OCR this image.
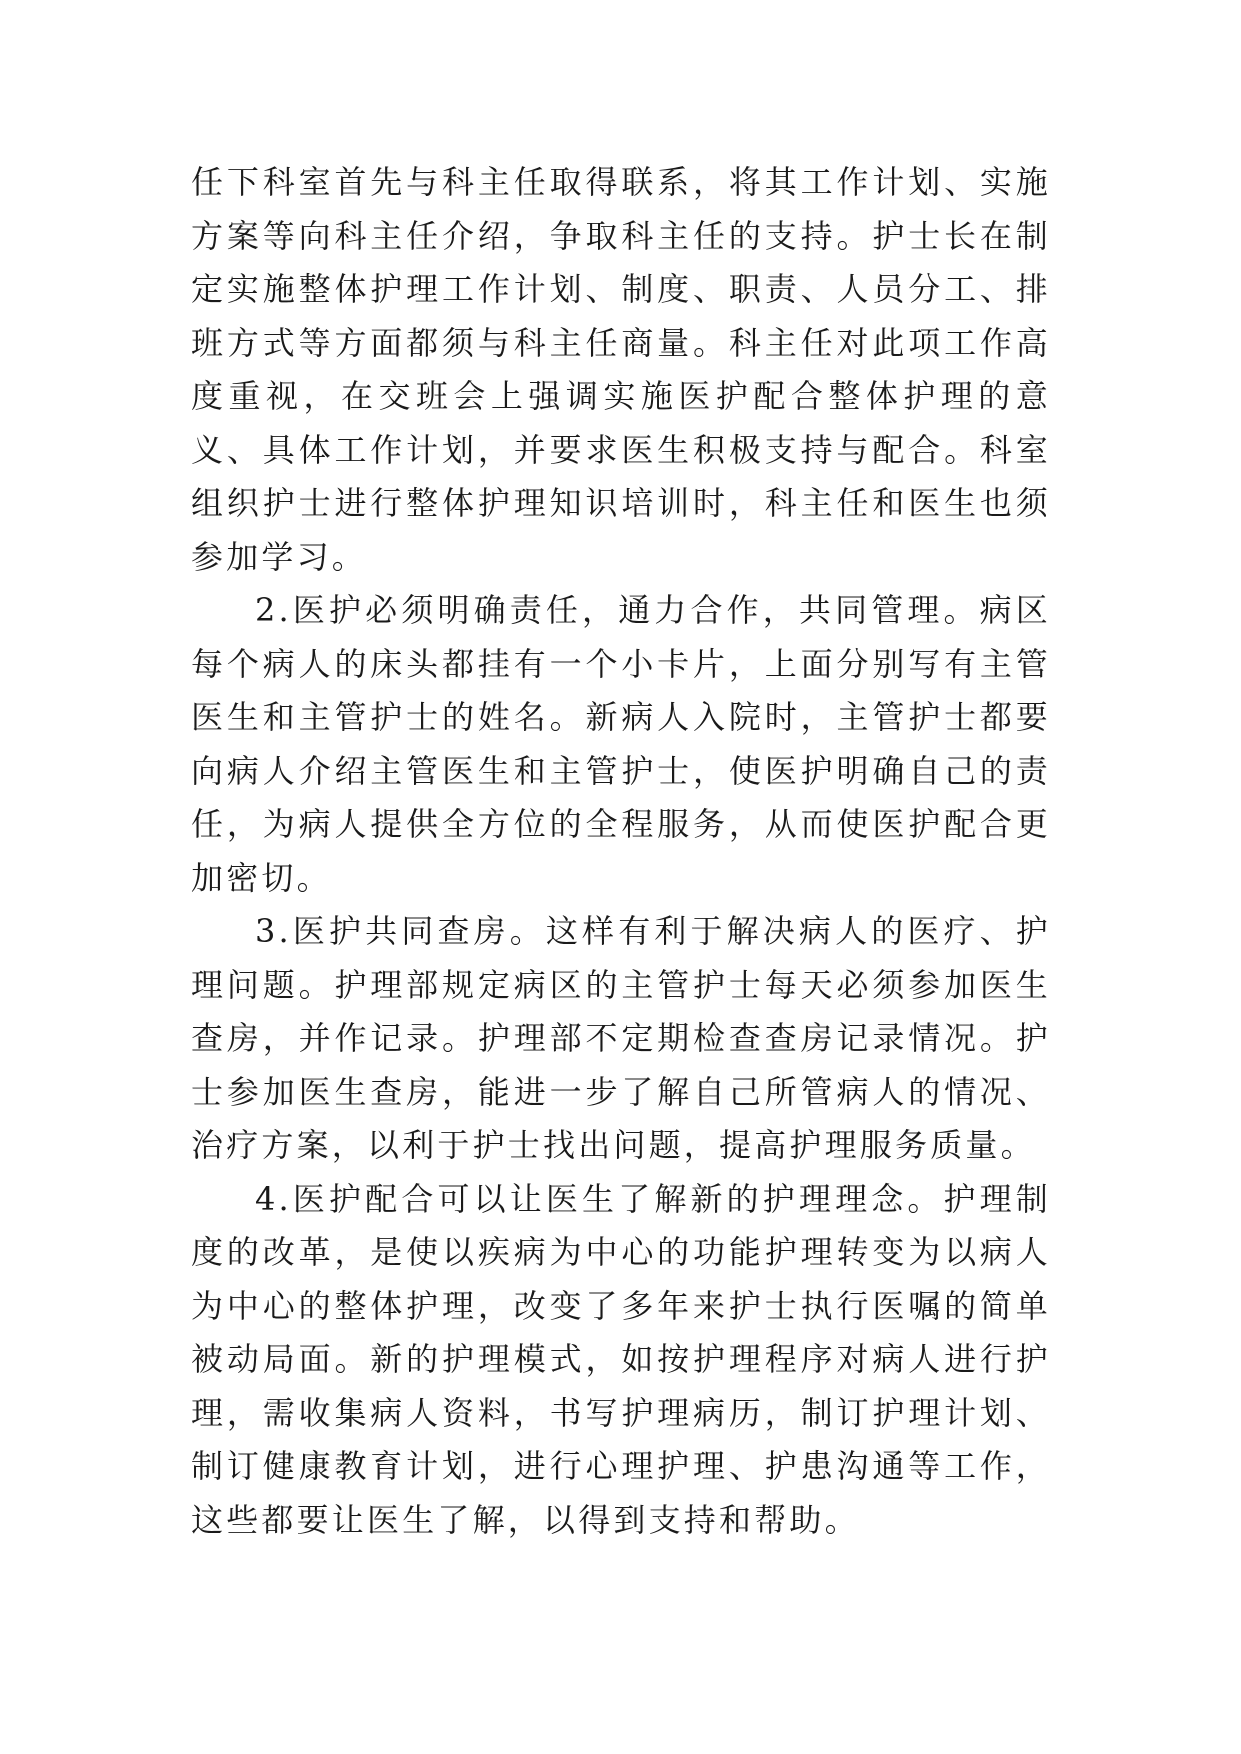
任下科室首先与科主任取得联系，将其工作计划、实施方案等向科主任介绍，争取科主任的支持。护士长在制定实施整体护理工作计划、制度、职责、人员分工、排班方式等方面都须与科主任商量。科主任对此项工作高度重视，在交班会上强调实施医护配合整体护理的意义、具体工作计划，并要求医生积极支持与配合。科室组织护士进行整体护理知识培训时，科主任和医生也须参加学习。

2.医护必须明确责任，通力合作，共同管理。病区每个病人的床头都挂有一个小卡片，上面分别写有主管医生和主管护士的姓名。新病人入院时，主管护士都要向病人介绍主管医生和主管护士，使医护明确自己的责任，为病人提供全方位的全程服务，从而使医护配合更加密切。

3.医护共同查房。这样有利于解决病人的医疗、护理问题。护理部规定病区的主管护士每天必须参加医生查房，并作记录。护理部不定期检查查房记录情况。护士参加医生查房，能进一步了解自己所管病人的情况、治疗方案，以利于护士找出问题，提高护理服务质量。

4.医护配合可以让医生了解新的护理理念。护理制度的改革，是使以疾病为中心的功能护理转变为以病人为中心的整体护理，改变了多年来护士执行医嘱的简单被动局面。新的护理模式，如按护理程序对病人进行护理，需收集病人资料，书写护理病历，制订护理计划、制订健康教育计划，进行心理护理、护患沟通等工作，这些都要让医生了解，以得到支持和帮助。
